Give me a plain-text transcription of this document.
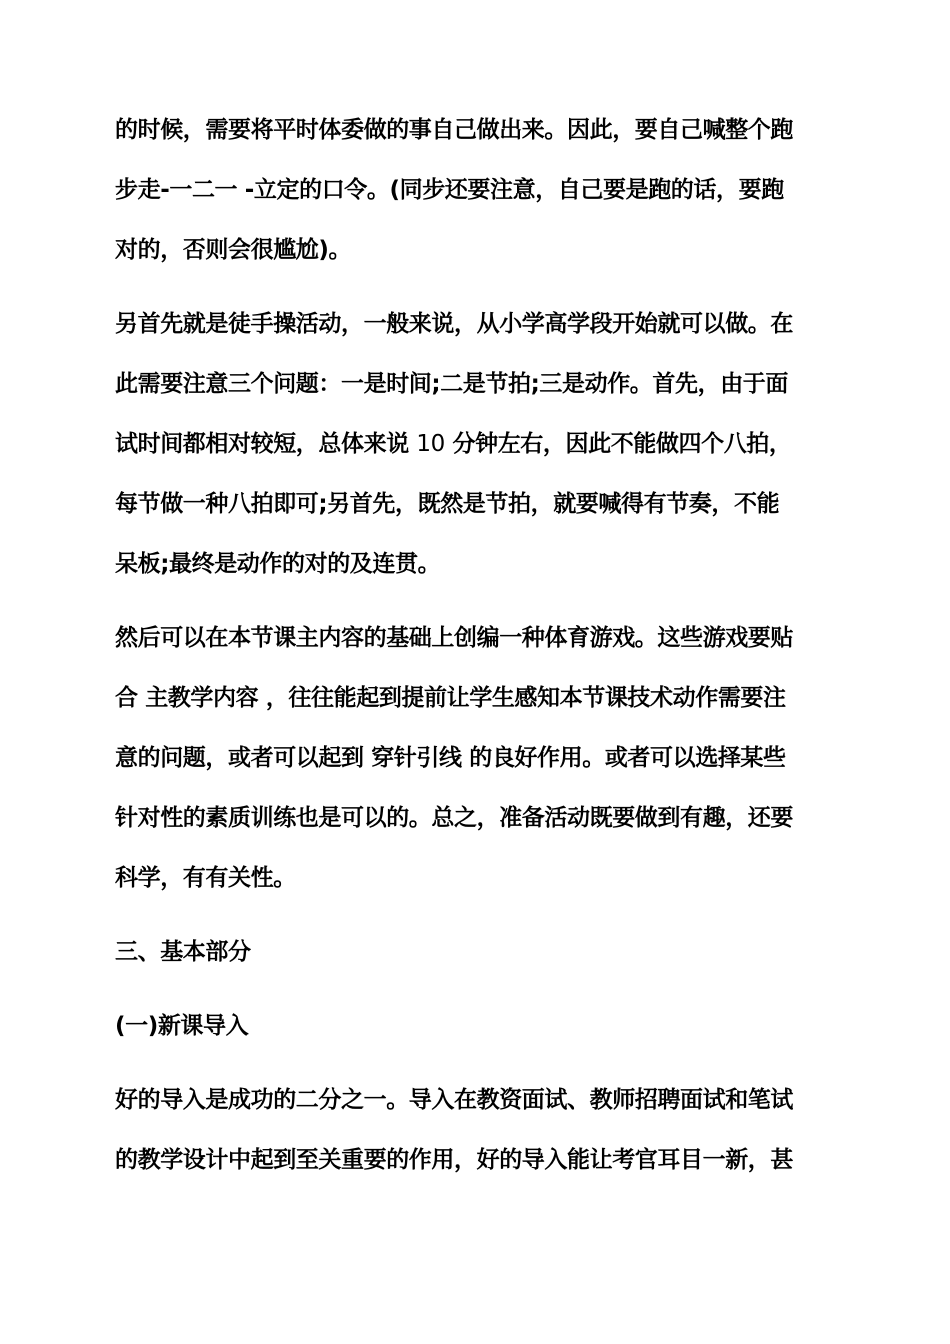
的时候，需要将平时体委做的事自己做出来。因此，要自己喊整个跑
步走-一二一 -立定的口令。(同步还要注意，自己要是跑的话，要跑
对的，否则会很尴尬)。
另首先就是徒手操活动，一般来说，从小学高学段开始就可以做。在
此需要注意三个问题：一是时间;二是节拍;三是动作。首先，由于面
试时间都相对较短，总体来说 10 分钟左右，因此不能做四个八拍，
每节做一种八拍即可;另首先，既然是节拍，就要喊得有节奏，不能
呆板;最终是动作的对的及连贯。
然后可以在本节课主内容的基础上创编一种体育游戏。这些游戏要贴
合 主教学内容 ，往往能起到提前让学生感知本节课技术动作需要注
意的问题，或者可以起到 穿针引线 的良好作用。或者可以选择某些
针对性的素质训练也是可以的。总之，准备活动既要做到有趣，还要
科学，有有关性。
三、基本部分
(一)新课导入
好的导入是成功的二分之一。导入在教资面试、教师招聘面试和笔试
的教学设计中起到至关重要的作用，好的导入能让考官耳目一新，甚
